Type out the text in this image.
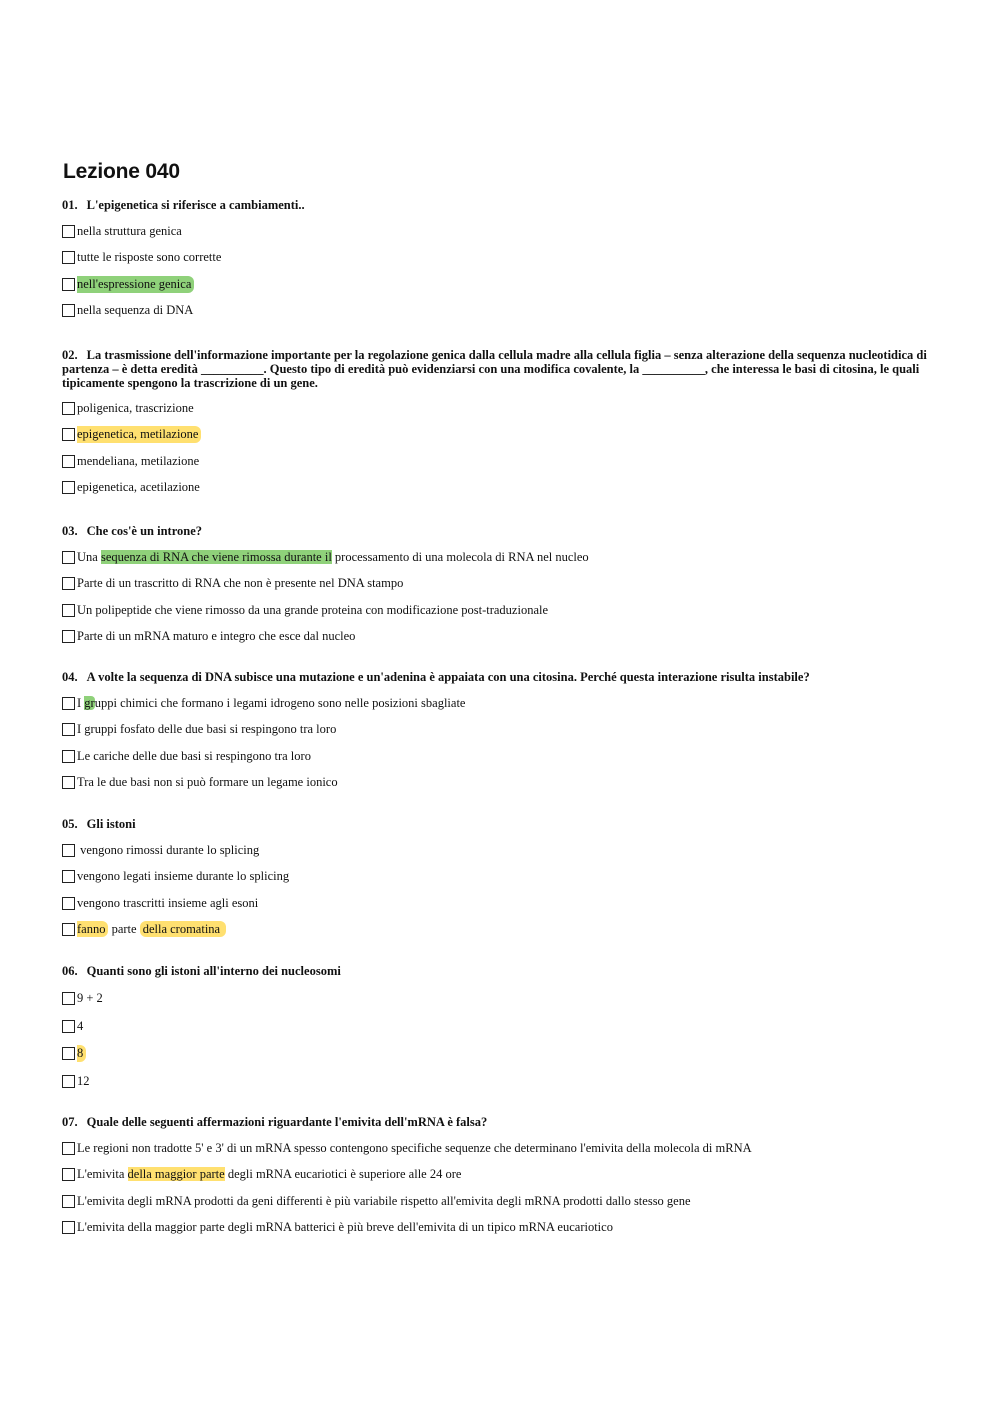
Lezione 040

01. L'epigenetica si riferisce a cambiamenti..

nella struttura genica
tutte le risposte sono corrette
nell'espressione genica
nella sequenza di DNA

02. La trasmissione dell'informazione importante per la regolazione genica dalla cellula madre alla cellula figlia – senza alterazione della sequenza nucleotidica di partenza – è detta eredità __________. Questo tipo di eredità può evidenziarsi con una modifica covalente, la __________, che interessa le basi di citosina, le quali tipicamente spengono la trascrizione di un gene.

poligenica, trascrizione
epigenetica, metilazione
mendeliana, metilazione
epigenetica, acetilazione

03. Che cos'è un introne?

Una sequenza di RNA che viene rimossa durante il processamento di una molecola di RNA nel nucleo
Parte di un trascritto di RNA che non è presente nel DNA stampo
Un polipeptide che viene rimosso da una grande proteina con modificazione post-traduzionale
Parte di un mRNA maturo e integro che esce dal nucleo

04. A volte la sequenza di DNA subisce una mutazione e un'adenina è appaiata con una citosina. Perché questa interazione risulta instabile?

I gruppi chimici che formano i legami idrogeno sono nelle posizioni sbagliate
I gruppi fosfato delle due basi si respingono tra loro
Le cariche delle due basi si respingono tra loro
Tra le due basi non si può formare un legame ionico

05. Gli istoni

vengono rimossi durante lo splicing
vengono legati insieme durante lo splicing
vengono trascritti insieme agli esoni
fanno parte della cromatina

06. Quanti sono gli istoni all'interno dei nucleosomi

9 + 2
4
8
12

07. Quale delle seguenti affermazioni riguardante l'emivita dell'mRNA è falsa?

Le regioni non tradotte 5' e 3' di un mRNA spesso contengono specifiche sequenze che determinano l'emivita della molecola di mRNA
L'emivita della maggior parte degli mRNA eucariotici è superiore alle 24 ore
L'emivita degli mRNA prodotti da geni differenti è più variabile rispetto all'emivita degli mRNA prodotti dallo stesso gene
L'emivita della maggior parte degli mRNA batterici è più breve dell'emivita di un tipico mRNA eucariotico
